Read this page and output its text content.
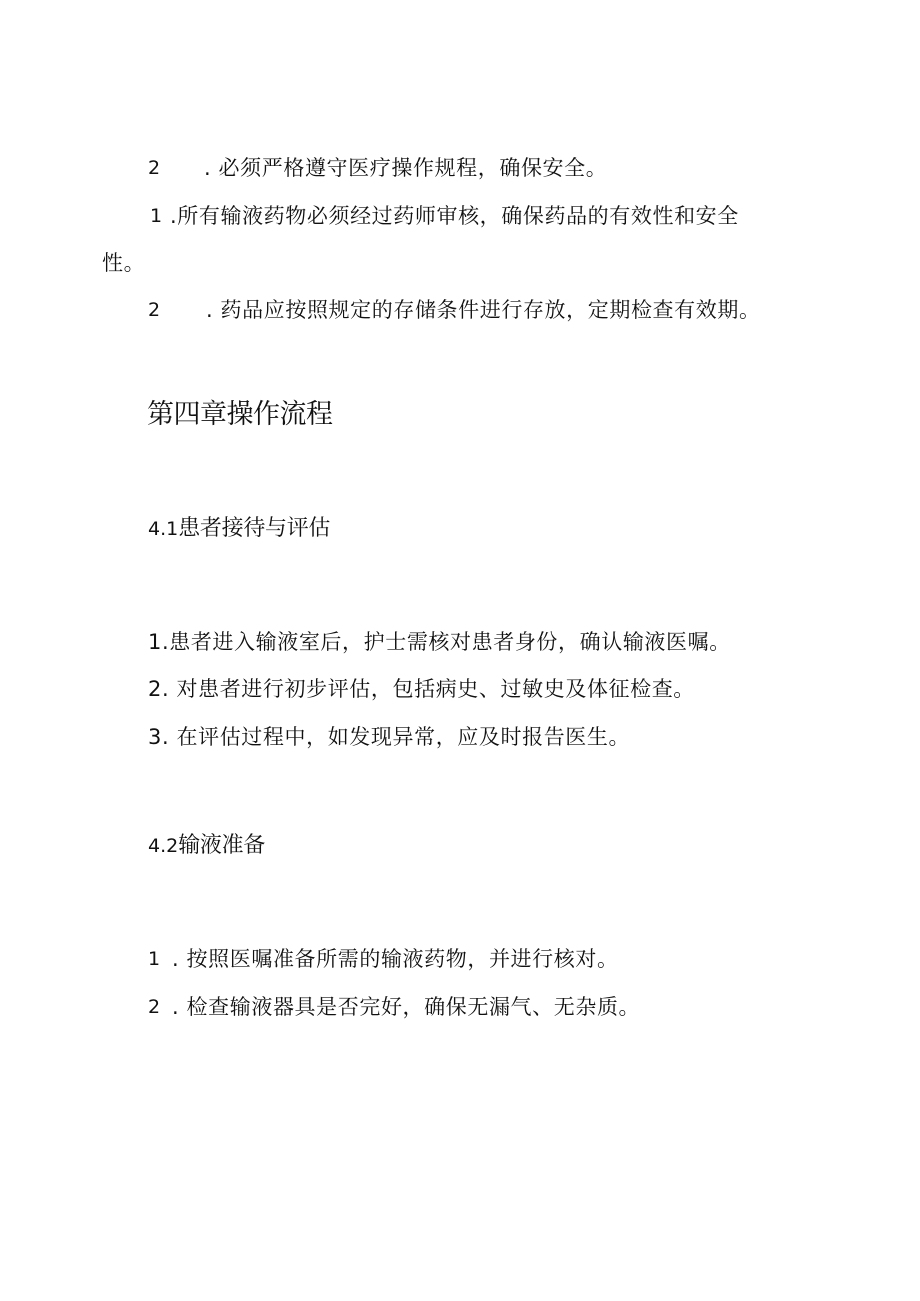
2 . 必须严格遵守医疗操作规程，确保安全。
1 .所有输液药物必须经过药师审核，确保药品的有效性和安全
性。
2 . 药品应按照规定的存储条件进行存放，定期检查有效期。
第四章操作流程
4.1患者接待与评估
1.患者进入输液室后，护士需核对患者身份，确认输液医嘱。
2. 对患者进行初步评估，包括病史、过敏史及体征检查。
3. 在评估过程中，如发现异常，应及时报告医生。
4.2输液准备
1 . 按照医嘱准备所需的输液药物，并进行核对。
2 . 检查输液器具是否完好，确保无漏气、无杂质。
